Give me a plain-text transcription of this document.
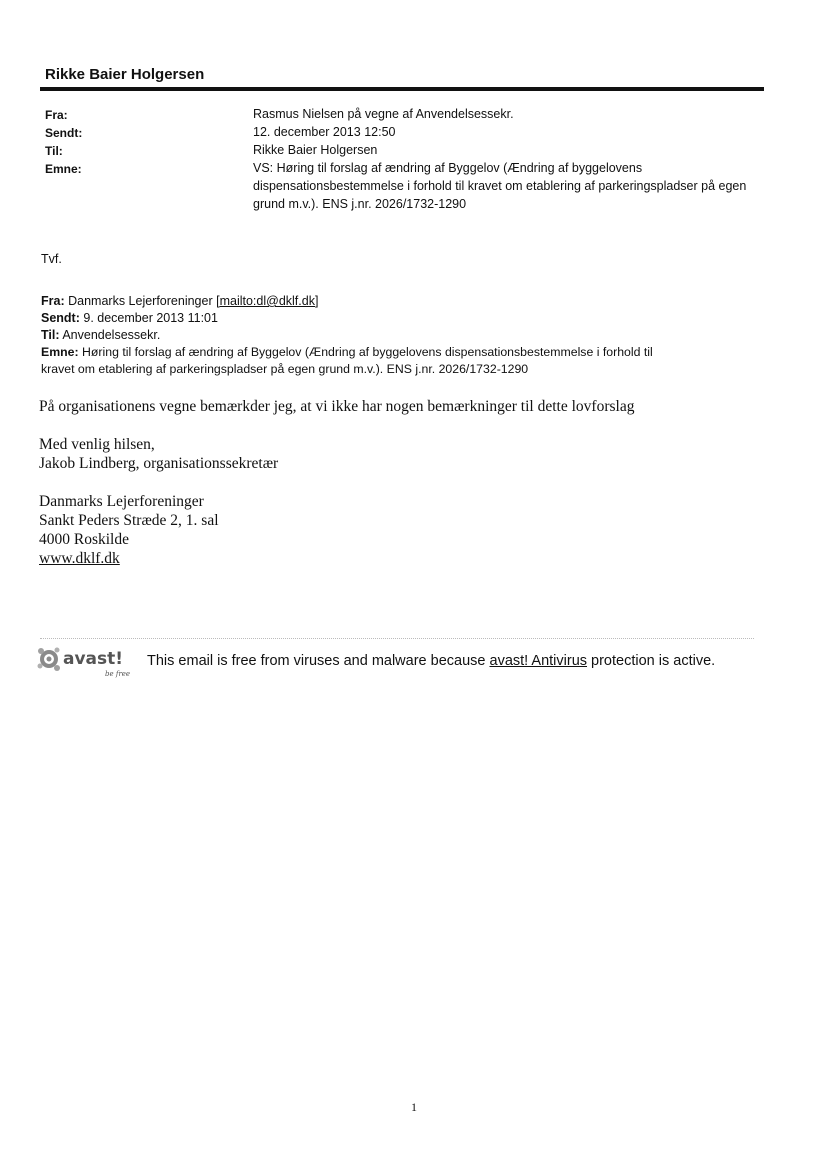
Rikke Baier Holgersen
Fra:	Rasmus Nielsen på vegne af Anvendelsessekr.
Sendt:	12. december 2013 12:50
Til:	Rikke Baier Holgersen
Emne:	VS: Høring til forslag af ændring af Byggelov (Ændring af byggelovens dispensationsbestemmelse i forhold til kravet om etablering af parkeringspladser på egen grund m.v.). ENS j.nr. 2026/1732-1290
Tvf.
Fra: Danmarks Lejerforeninger [mailto:dl@dklf.dk]
Sendt: 9. december 2013 11:01
Til: Anvendelsessekr.
Emne: Høring til forslag af ændring af Byggelov (Ændring af byggelovens dispensationsbestemmelse i forhold til
kravet om etablering af parkeringspladser på egen grund m.v.). ENS j.nr. 2026/1732-1290
På organisationens vegne bemærkder jeg, at vi ikke har nogen bemærkninger til dette lovforslag
Med venlig hilsen,
Jakob Lindberg, organisationssekretær
Danmarks Lejerforeninger
Sankt Peders Stræde 2, 1. sal
4000 Roskilde
www.dklf.dk
avast!
be free
This email is free from viruses and malware because avast! Antivirus protection is active.
1
